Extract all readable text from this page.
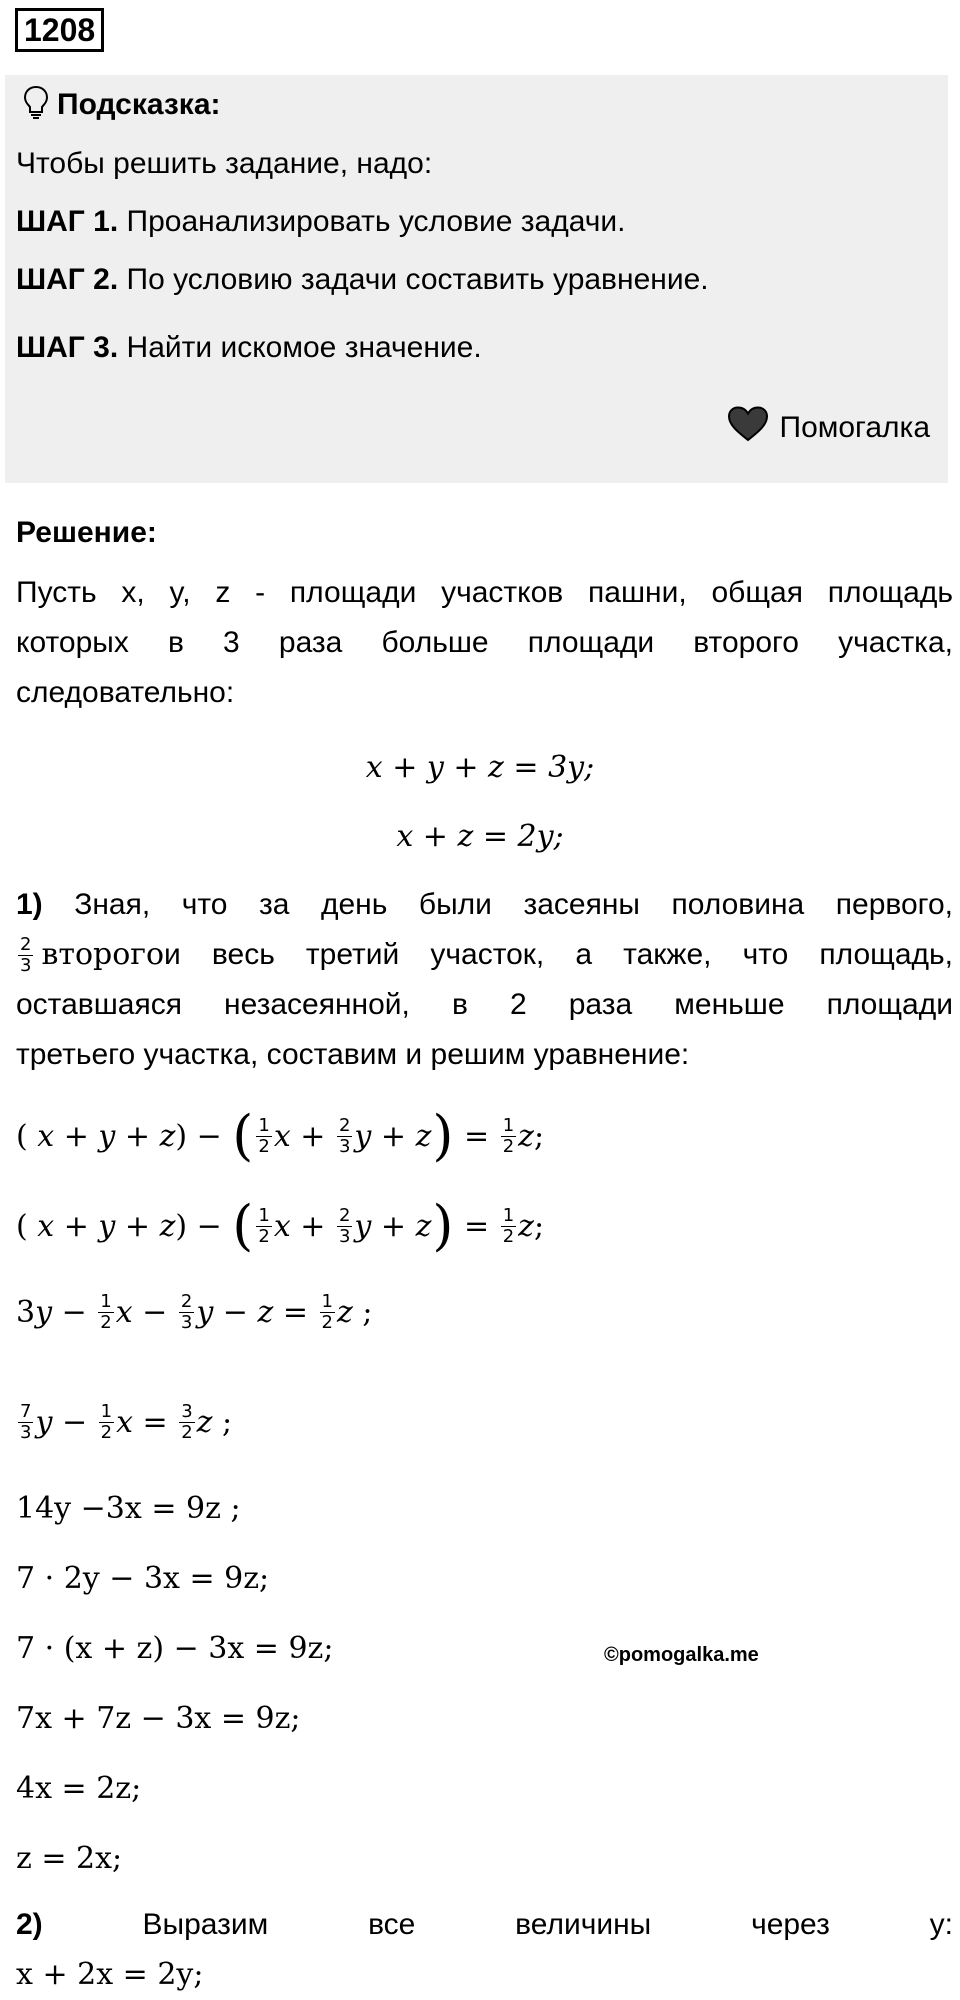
1208
Подсказка:
Чтобы решить задание, надо:
ШАГ 1. Проанализировать условие задачи.
ШАГ 2. По условию задачи составить уравнение.
ШАГ 3. Найти искомое значение.
Помогалка
Решение:
Пусть x, y, z - площади участков пашни, общая площадь
которых в 3 раза больше площади второго участка,
следовательно:
x + y + z = 3y;
x + z = 2y;
1) Зная, что за день были засеяны половина первого,
$\frac{2}{3}$ второго и весь третий участок, а также, что площадь,
оставшаяся незасеянной, в 2 раза меньше площади
третьего участка, составим и решим уравнение:
( x + y + z ) − ( $\frac{1}{2}$ $x + \frac{2}{3}$ y + z ) = $\frac{1}{2}$ z ;
( x + y + z ) − ( $\frac{1}{2}$ $x + \frac{2}{3}$ y + z ) = $\frac{1}{2}$ z ;
3 $y - \frac{1}{2}$ $x - \frac{2}{3}$ $y - z = \frac{1}{2}$ z ;
$\frac{7}{3}$ $y - \frac{1}{2}$ $x = \frac{3}{2}$ z ;
14y −3x = 9z ;
7 · 2y − 3x = 9z;
7 · (x + z) − 3x = 9z;
7x + 7z − 3x = 9z;
4x = 2z;
z = 2x;
©pomogalka.me
2)	Выразим	все	величины	через	y:
x + 2x = 2y;
